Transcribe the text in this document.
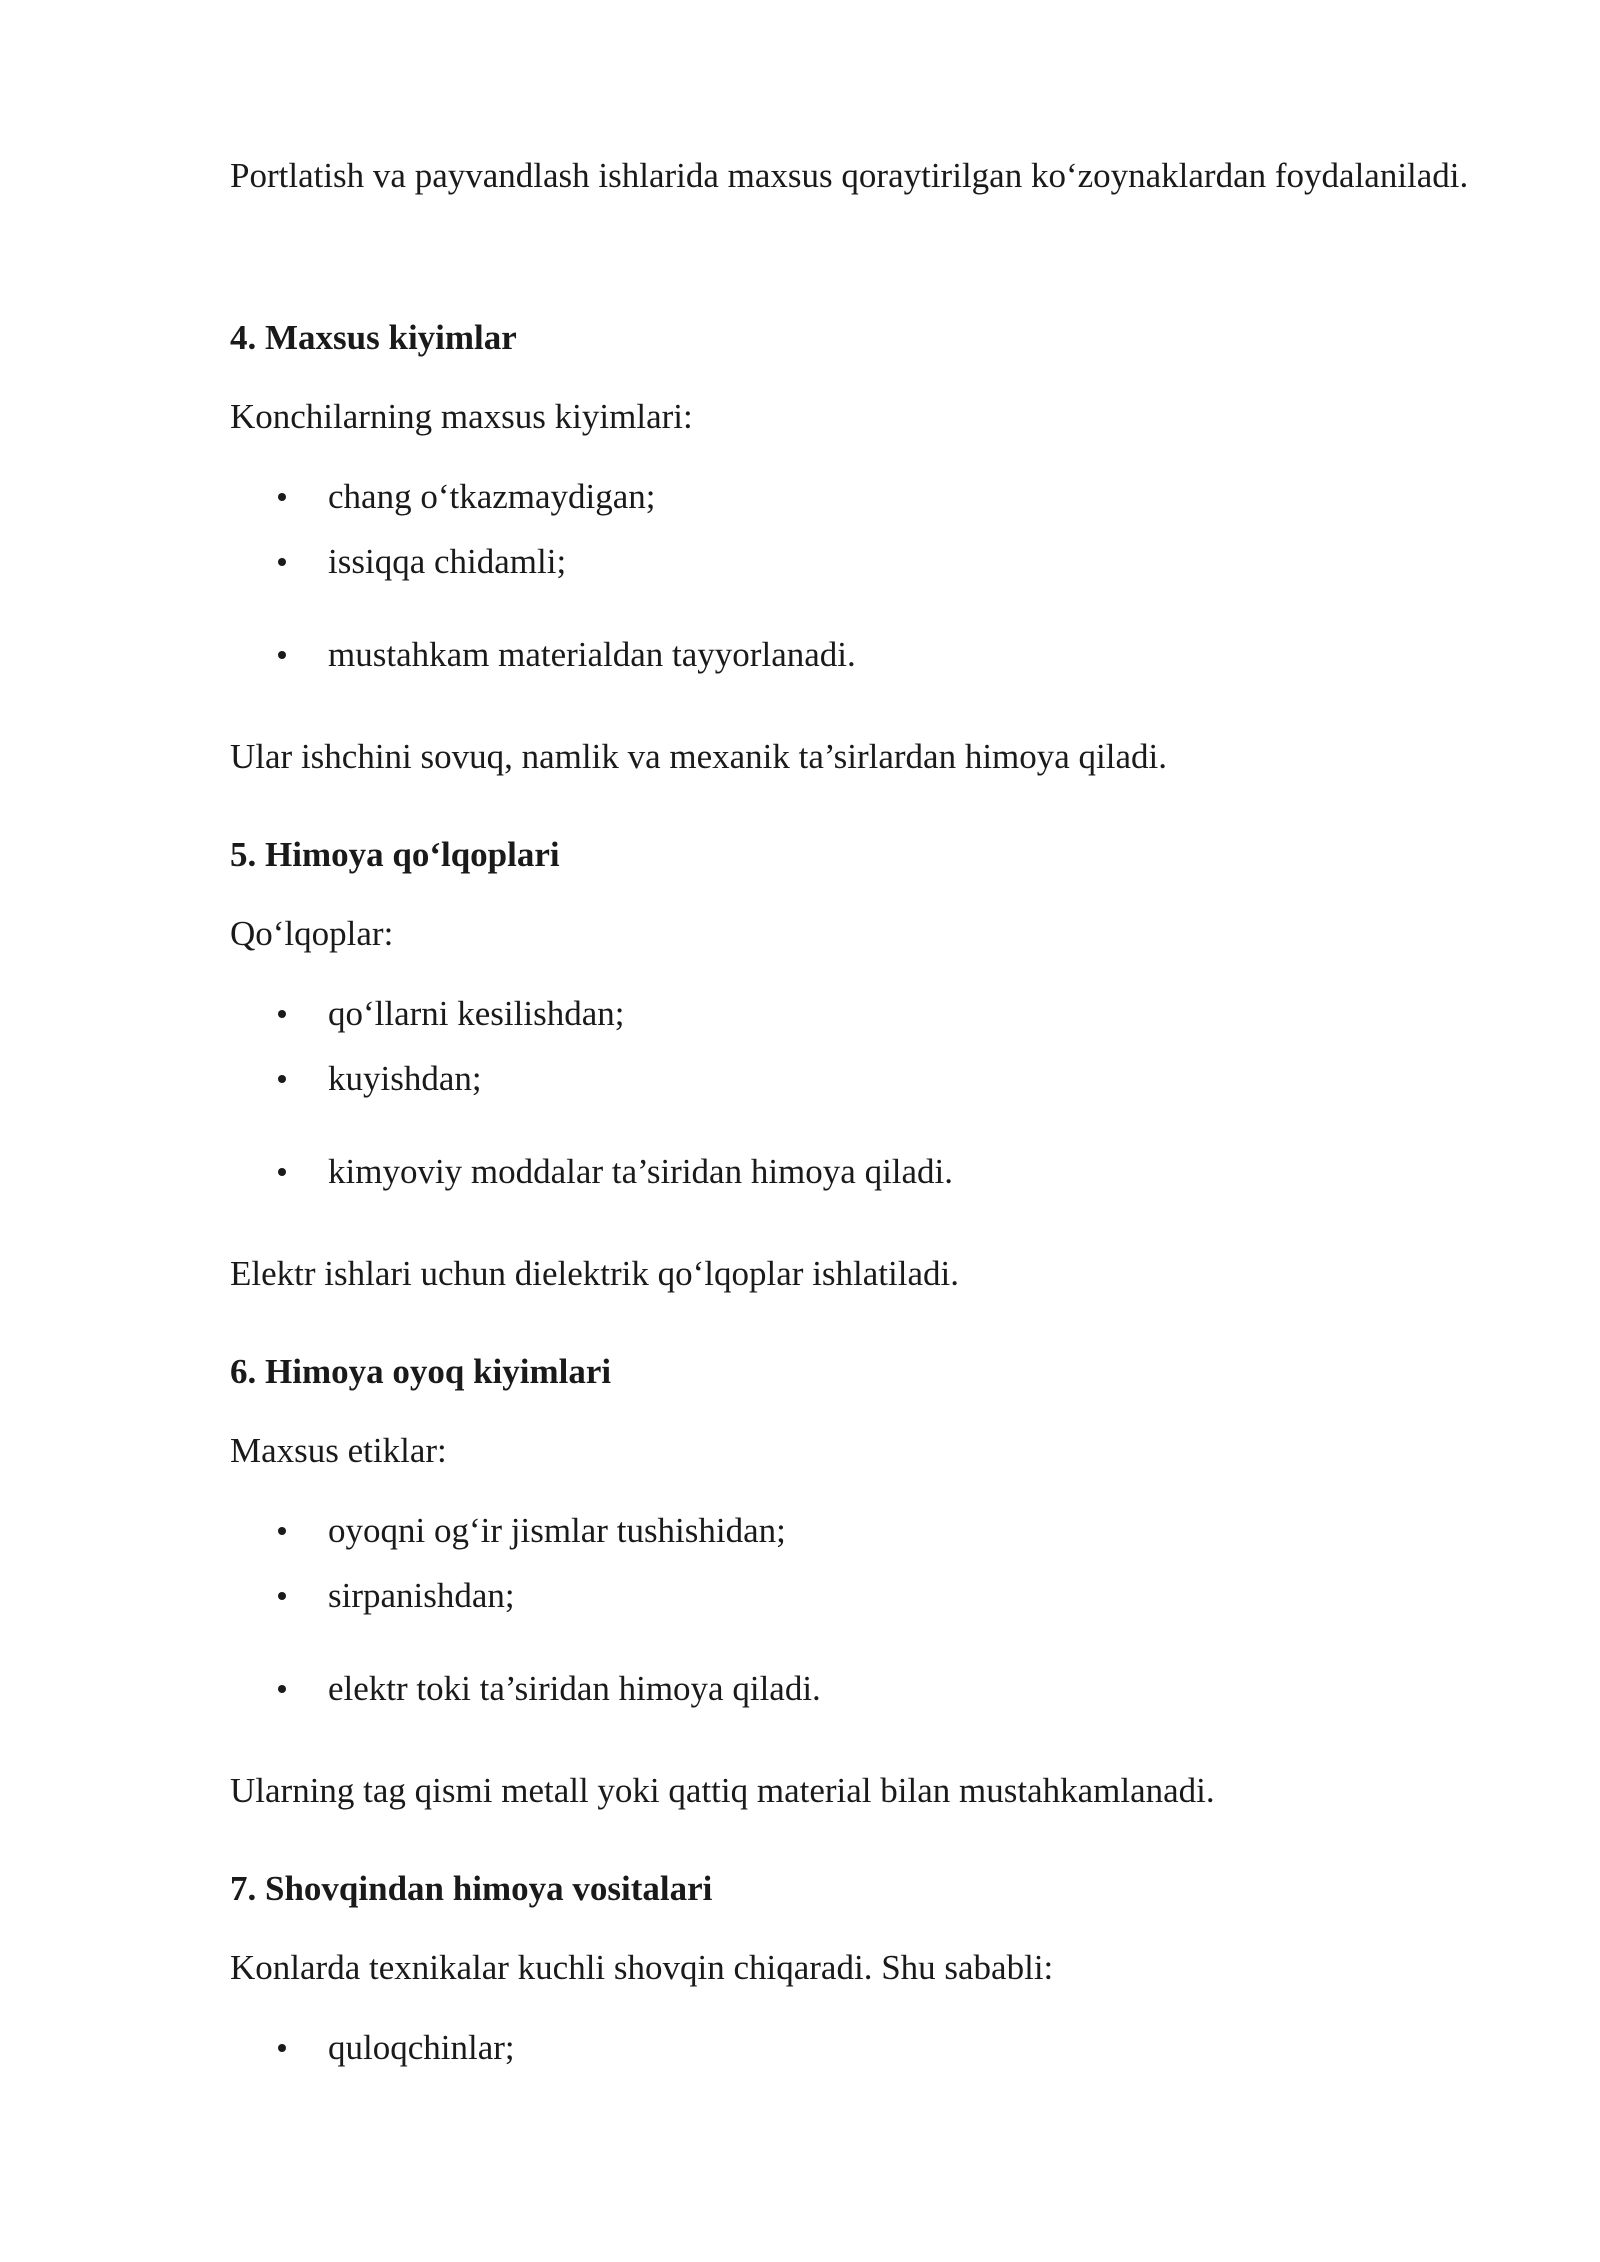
Portlatish va payvandlash ishlarida maxsus qoraytirilgan ko‘zoynaklardan foydalaniladi.

4. Maxsus kiyimlar

Konchilarning maxsus kiyimlari:

chang o‘tkazmaydigan;
issiqqa chidamli;
mustahkam materialdan tayyorlanadi.

Ular ishchini sovuq, namlik va mexanik ta’sirlardan himoya qiladi.

5. Himoya qo‘lqoplari

Qo‘lqoplar:

qo‘llarni kesilishdan;
kuyishdan;
kimyoviy moddalar ta’siridan himoya qiladi.

Elektr ishlari uchun dielektrik qo‘lqoplar ishlatiladi.

6. Himoya oyoq kiyimlari

Maxsus etiklar:

oyoqni og‘ir jismlar tushishidan;
sirpanishdan;
elektr toki ta’siridan himoya qiladi.

Ularning tag qismi metall yoki qattiq material bilan mustahkamlanadi.

7. Shovqindan himoya vositalari

Konlarda texnikalar kuchli shovqin chiqaradi. Shu sababli:

quloqchinlar;
